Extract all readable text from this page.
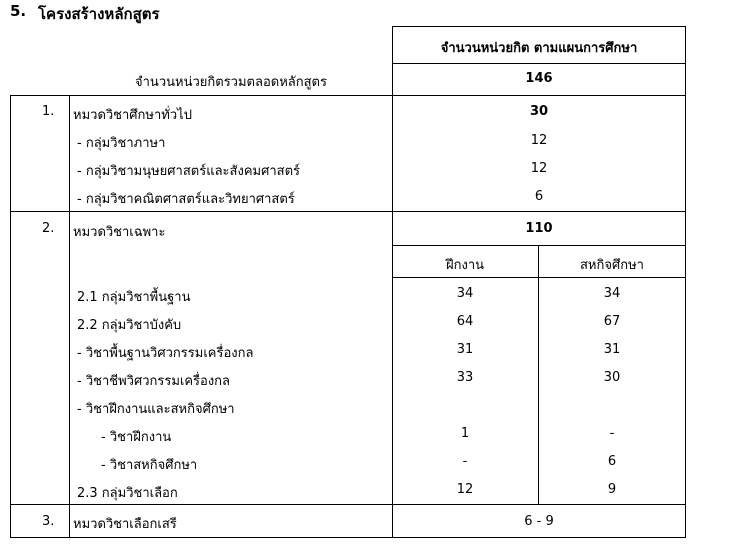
5. โครงสร้างหลักสูตร
จำนวนหน่วยกิต ตามแผนการศึกษา
จำนวนหน่วยกิตรวมตลอดหลักสูตร	146
1. หมวดวิชาศึกษาทั่วไป	30
- กลุ่มวิชาภาษา	12
- กลุ่มวิชามนุษยศาสตร์และสังคมศาสตร์	12
- กลุ่มวิชาคณิตศาสตร์และวิทยาศาสตร์	6
2. หมวดวิชาเฉพาะ	110
ฝึกงาน	สหกิจศึกษา
2.1 กลุ่มวิชาพื้นฐาน	34	34
2.2 กลุ่มวิชาบังคับ	64	67
- วิชาพื้นฐานวิศวกรรมเครื่องกล	31	31
- วิชาชีพวิศวกรรมเครื่องกล	33	30
- วิชาฝึกงานและสหกิจศึกษา
- วิชาฝึกงาน	1	-
- วิชาสหกิจศึกษา	-	6
2.3 กลุ่มวิชาเลือก	12	9
3. หมวดวิชาเลือกเสรี	6 - 9
